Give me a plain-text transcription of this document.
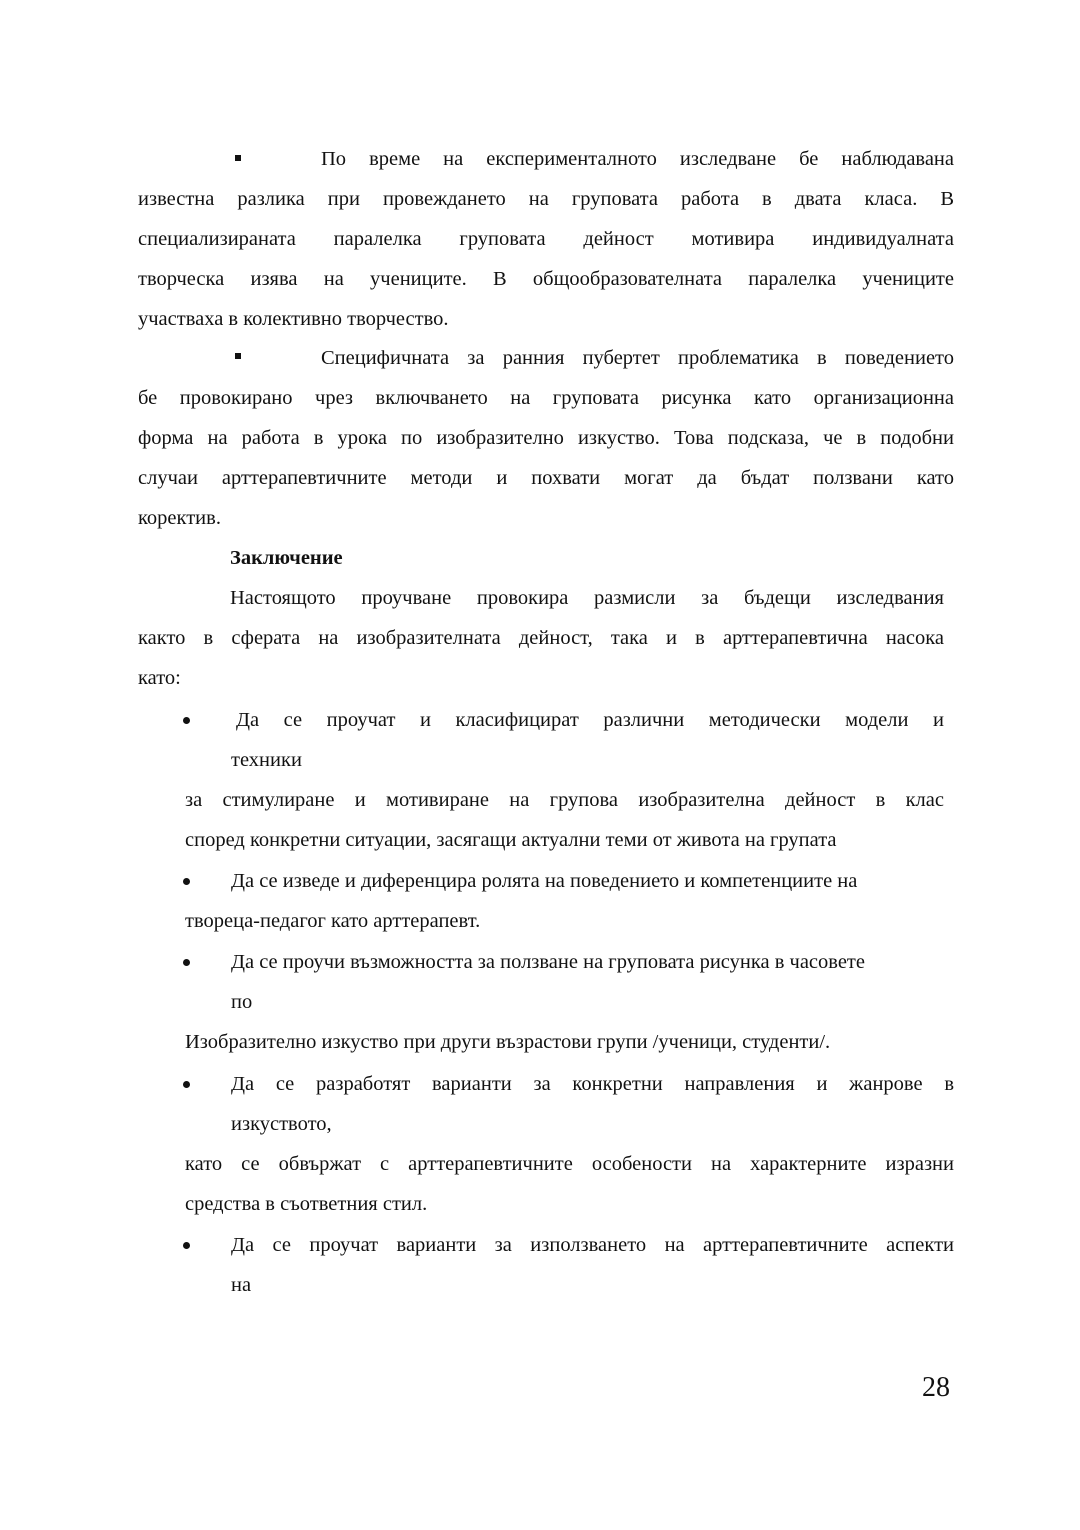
По време на експерименталното изследване бе наблюдавана
известна разлика при провеждането на груповата работа в двата класа. В
специализираната паралелка груповата дейност мотивира индивидуалната
творческа изява на учениците. В общообразователната паралелка учениците
участваха в колективно творчество.
Специфичната за ранния пубертет проблематика в поведението
бе провокирано чрез включването на груповата рисунка като организационна
форма на работа в урока по изобразително изкуство. Това подсказа, че в подобни
случаи арттерапевтичните методи и похвати могат да бъдат ползвани като
коректив.
Заключение
Настоящото проучване провокира размисли за бъдещи изследвания
както в сферата на изобразителната дейност, така и в арттерапевтична насока
като:
Да се проучат и класифицират различни методически модели и
техники
за стимулиране и мотивиране на групова изобразителна дейност в клас
според конкретни ситуации, засягащи актуални теми от живота на групата
Да се изведе и диференцира ролята на поведението и компетенциите на
твореца-педагог като арттерапевт.
Да се проучи възможността за ползване на груповата рисунка в часовете
по
Изобразително изкуство при други възрастови групи /ученици, студенти/.
Да се разработят варианти за конкретни направления и жанрове в
изкуството,
като се обвържат с арттерапевтичните особености на характерните изразни
средства в съответния стил.
Да се проучат варианти за използването на арттерапевтичните аспекти
на
28
